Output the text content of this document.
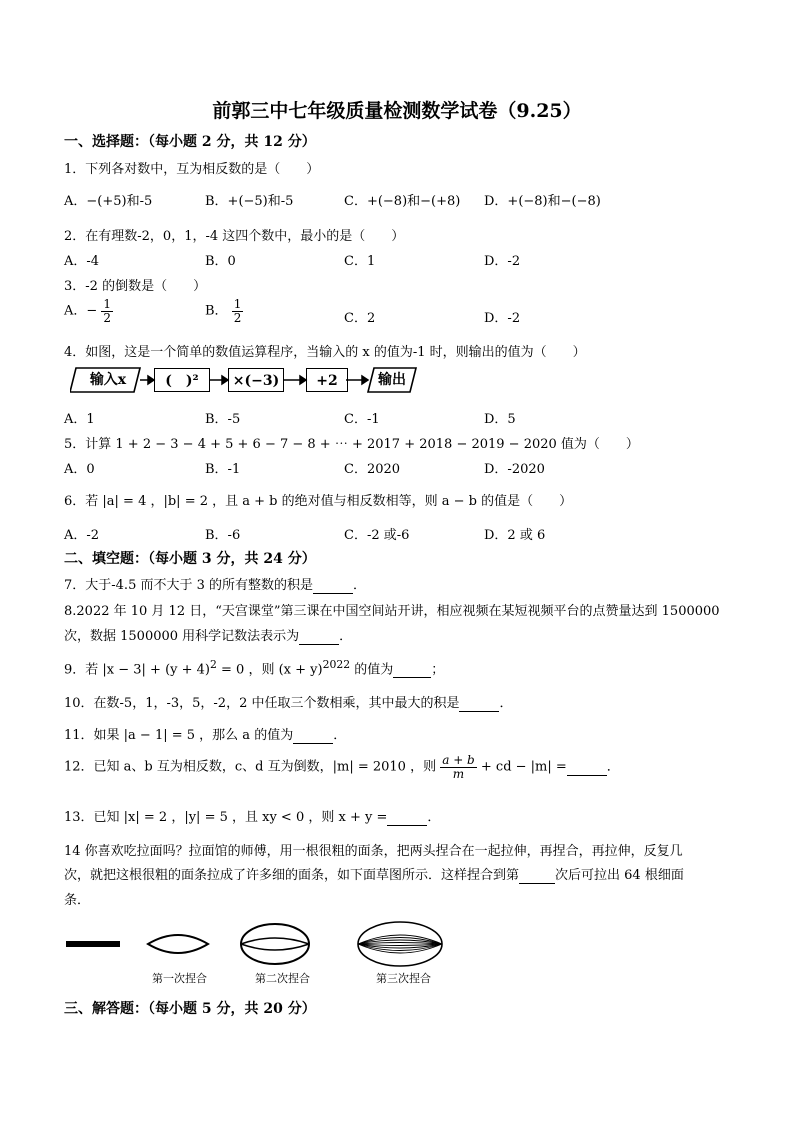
前郭三中七年级质量检测数学试卷（9.25）
一、选择题：（每小题 2 分，共 12 分）
1．下列各对数中，互为相反数的是（　　）
A．−(+5)和-5	B．+(−5)和-5	C．+(−8)和−(+8) D．+(−8)和−(−8)
2．在有理数-2，0，1，-4 这四个数中，最小的是（　　）
A．-4	B．0	C．1	D．-2
3．-2 的倒数是（　　）
A．− $\frac{1}{2}$	B． $\frac{1}{2}$	C．2	D．-2
4．如图，这是一个简单的数值运算程序，当输入的 x 的值为-1 时，则输出的值为（　　）
输入x	(　)²	×(−3)	+2	输出
A．1	B．-5	C．-1	D．5
5．计算 1 + 2 − 3 − 4 + 5 + 6 − 7 − 8 + ⋯ + 2017 + 2018 − 2019 − 2020 值为（　　）
A．0	B．-1	C．2020	D．-2020
6．若 |a| = 4 ，|b| = 2 ，且 a + b 的绝对值与相反数相等，则 a − b 的值是（　　）
A．-2	B．-6	C．-2 或-6	D．2 或 6
二、填空题：（每小题 3 分，共 24 分）
7．大于-4.5 而不大于 3 的所有整数的积是	．
8.2022 年 10 月 12 日，“天宫课堂”第三课在中国空间站开讲，相应视频在某短视频平台的点赞量达到 1500000
次，数据 1500000 用科学记数法表示为	．
9．若 $|x - 3| + (y + 4)^2 = 0$ ，则 $(x + y)^{2022}$ 的值为	；
10．在数-5，1，-3，5，-2，2 中任取三个数相乘，其中最大的积是	．
11．如果 |a − 1| = 5 ，那么 a 的值为	．
12．已知 a、b 互为相反数，c、d 互为倒数，|m| = 2010 ，则 $\frac{a + b}{m}$ + cd − |m| =	．
13．已知 |x| = 2 ，|y| = 5 ，且 xy < 0 ，则 x + y =	．
14 你喜欢吃拉面吗？拉面馆的师傅，用一根很粗的面条，把两头捏合在一起拉伸，再捏合，再拉伸，反复几
次，就把这根很粗的面条拉成了许多细的面条，如下面草图所示．这样捏合到第	次后可拉出 64 根细面
条．
第一次捏合	第二次捏合	第三次捏合
三、解答题：（每小题 5 分，共 20 分）
